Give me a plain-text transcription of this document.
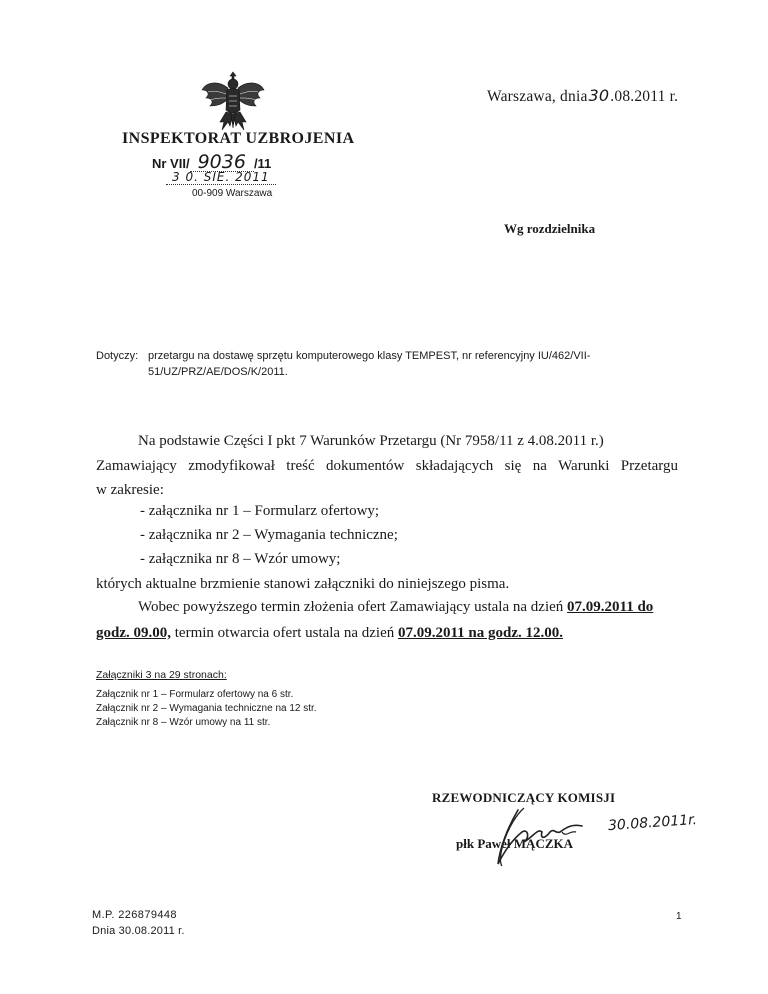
Warszawa, dnia30.08.2011 r.
INSPEKTORAT UZBROJENIA
Nr VII/ 9036 /11
3 0. SIE. 2011
00-909 Warszawa
Wg rozdzielnika
Dotyczy: przetargu na dostawę sprzętu komputerowego klasy TEMPEST, nr referencyjny IU/462/VII-
51/UZ/PRZ/AE/DOS/K/2011.
Na podstawie Części I pkt 7 Warunków Przetargu (Nr 7958/11 z 4.08.2011 r.)
Zamawiający zmodyfikował treść dokumentów składających się na Warunki Przetargu
w zakresie:
- załącznika nr 1 – Formularz ofertowy;
- załącznika nr 2 – Wymagania techniczne;
- załącznika nr 8 – Wzór umowy;
których aktualne brzmienie stanowi załączniki do niniejszego pisma.
Wobec powyższego termin złożenia ofert Zamawiający ustala na dzień 07.09.2011 do
godz. 09.00, termin otwarcia ofert ustala na dzień 07.09.2011 na godz. 12.00.
Załączniki 3 na 29 stronach:
Załącznik nr 1 – Formularz ofertowy na 6 str.
Załącznik nr 2 – Wymagania techniczne na 12 str.
Załącznik nr 8 – Wzór umowy na 11 str.
RZEWODNICZĄCY KOMISJI
płk Paweł MĄCZKA
30.08.2011r.
M.P. 226879448
Dnia 30.08.2011 r.
1
